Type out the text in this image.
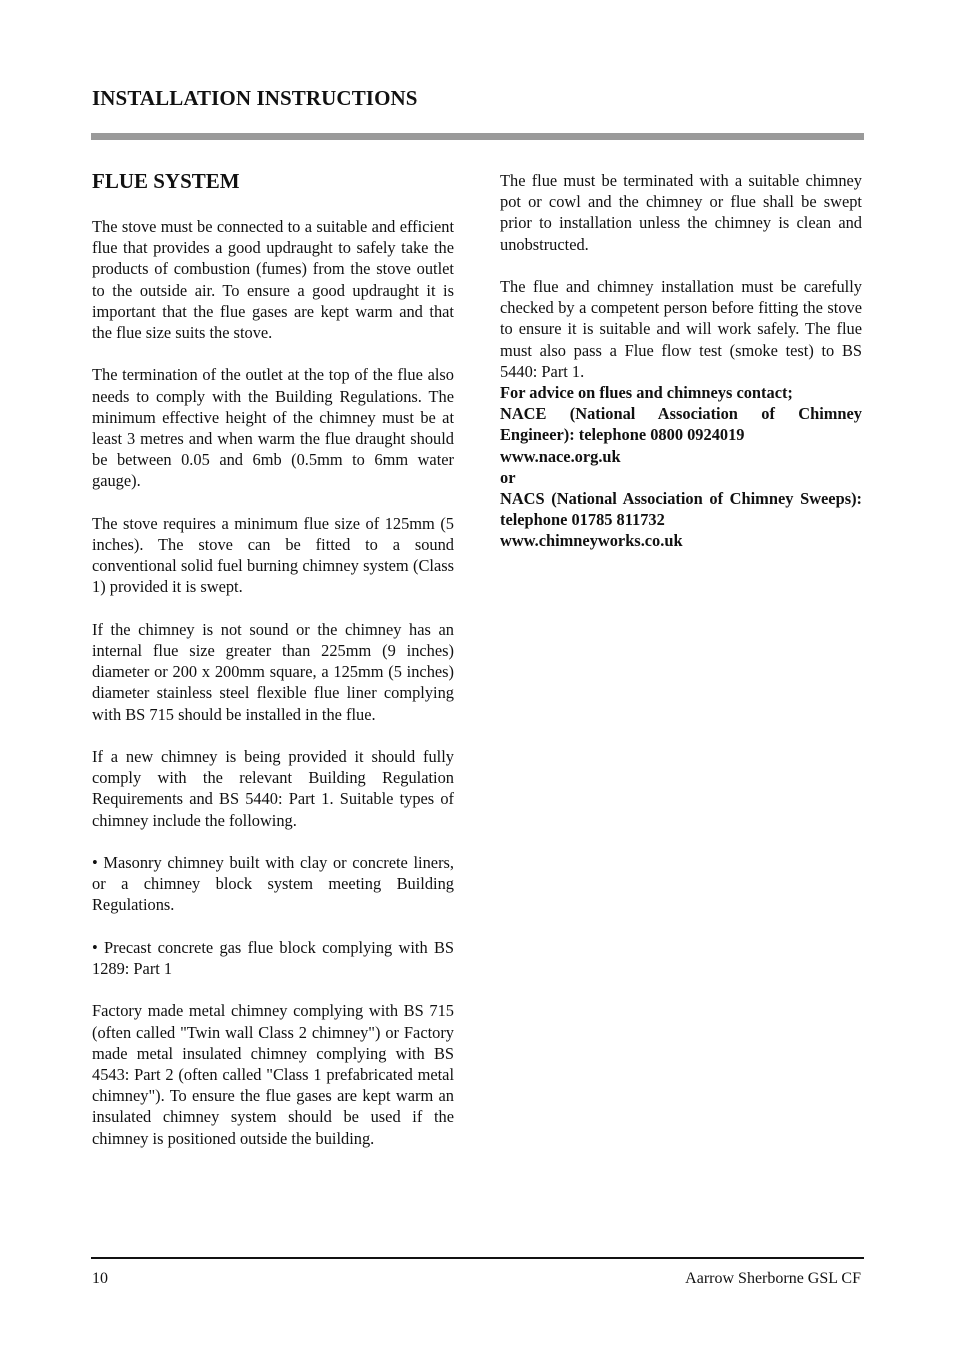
INSTALLATION INSTRUCTIONS
FLUE SYSTEM

The stove must be connected to a suitable and efficient flue that provides a good updraught to safely take the products of combustion (fumes) from the stove outlet to the outside air. To ensure a good updraught it is important that the flue gases are kept warm and that the flue size suits the stove.

The termination of the outlet at the top of the flue also needs to comply with the Building Regulations. The minimum effective height of the chimney must be at least 3 metres and when warm the flue draught should be between 0.05 and 6mb (0.5mm to 6mm water gauge).

The stove requires a minimum flue size of 125mm (5 inches). The stove can be fitted to a sound conventional solid fuel burning chimney system (Class 1) provided it is swept.

If the chimney is not sound or the chimney has an internal flue size greater than 225mm (9 inches) diameter or 200 x 200mm square, a 125mm (5 inches) diameter stainless steel flexible flue liner complying with BS 715 should be installed in the flue.

If a new chimney is being provided it should fully comply with the relevant Building Regulation Requirements and BS 5440: Part 1. Suitable types of chimney include the following.

• Masonry chimney built with clay or concrete liners, or a chimney block system meeting Building Regulations.

• Precast concrete gas flue block complying with BS 1289: Part 1

Factory made metal chimney complying with BS 715 (often called "Twin wall Class 2 chimney") or Factory made metal insulated chimney complying with BS 4543: Part 2 (often called "Class 1 prefabricated metal chimney"). To ensure the flue gases are kept warm an insulated chimney system should be used if the chimney is positioned outside the building.

The flue must be terminated with a suitable chimney pot or cowl and the chimney or flue shall be swept prior to installation unless the chimney is clean and unobstructed.

The flue and chimney installation must be carefully checked by a competent person before fitting the stove to ensure it is suitable and will work safely. The flue must also pass a Flue flow test (smoke test) to BS 5440: Part 1.

For advice on flues and chimneys contact;

NACE (National Association of Chimney Engineer): telephone 0800 0924019

www.nace.org.uk

or

NACS (National Association of Chimney Sweeps): telephone 01785 811732

www.chimneyworks.co.uk

10	Aarrow Sherborne GSL CF
